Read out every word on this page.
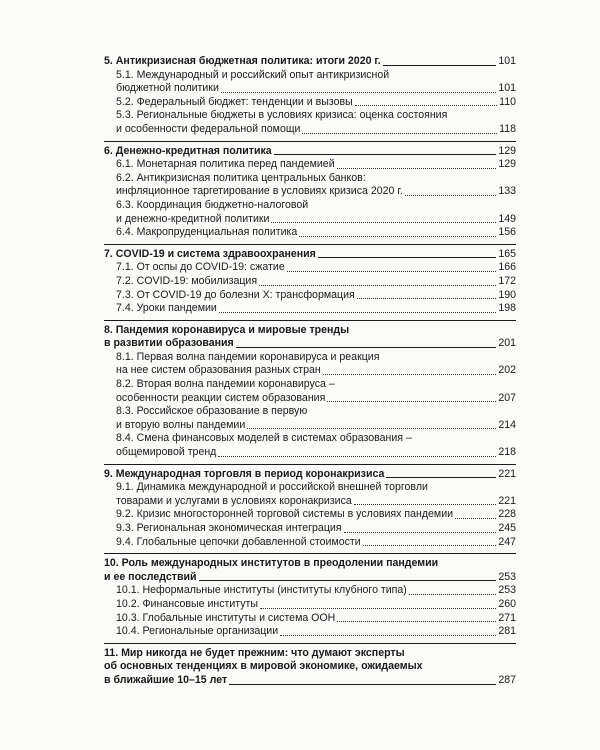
5. Антикризисная бюджетная политика: итоги 2020 г.	101
5.1. Международный и российский опыт антикризисной
бюджетной политики	101
5.2. Федеральный бюджет: тенденции и вызовы	110
5.3. Региональные бюджеты в условиях кризиса: оценка состояния
и особенности федеральной помощи	118
6. Денежно-кредитная политика	129
6.1. Монетарная политика перед пандемией	129
6.2. Антикризисная политика центральных банков:
инфляционное таргетирование в условиях кризиса 2020 г.	133
6.3. Координация бюджетно-налоговой
и денежно-кредитной политики	149
6.4. Макропруденциальная политика	156
7. COVID-19 и система здравоохранения	165
7.1. От оспы до COVID-19: сжатие	166
7.2. COVID-19: мобилизация	172
7.3. От COVID-19 до болезни X: трансформация	190
7.4. Уроки пандемии	198
8. Пандемия коронавируса и мировые тренды
в развитии образования	201
8.1. Первая волна пандемии коронавируса и реакция
на нее систем образования разных стран	202
8.2. Вторая волна пандемии коронавируса –
особенности реакции систем образования	207
8.3. Российское образование в первую
и вторую волны пандемии	214
8.4. Смена финансовых моделей в системах образования –
общемировой тренд	218
9. Международная торговля в период коронакризиса	221
9.1. Динамика международной и российской внешней торговли
товарами и услугами в условиях коронакризиса	221
9.2. Кризис многосторонней торговой системы в условиях пандемии	228
9.3. Региональная экономическая интеграция	245
9.4. Глобальные цепочки добавленной стоимости	247
10. Роль международных институтов в преодолении пандемии
и ее последствий	253
10.1. Неформальные институты (институты клубного типа)	253
10.2. Финансовые институты	260
10.3. Глобальные институты и система ООН	271
10.4. Региональные организации	281
11. Мир никогда не будет прежним: что думают эксперты
об основных тенденциях в мировой экономике, ожидаемых
в ближайшие 10–15 лет	287
